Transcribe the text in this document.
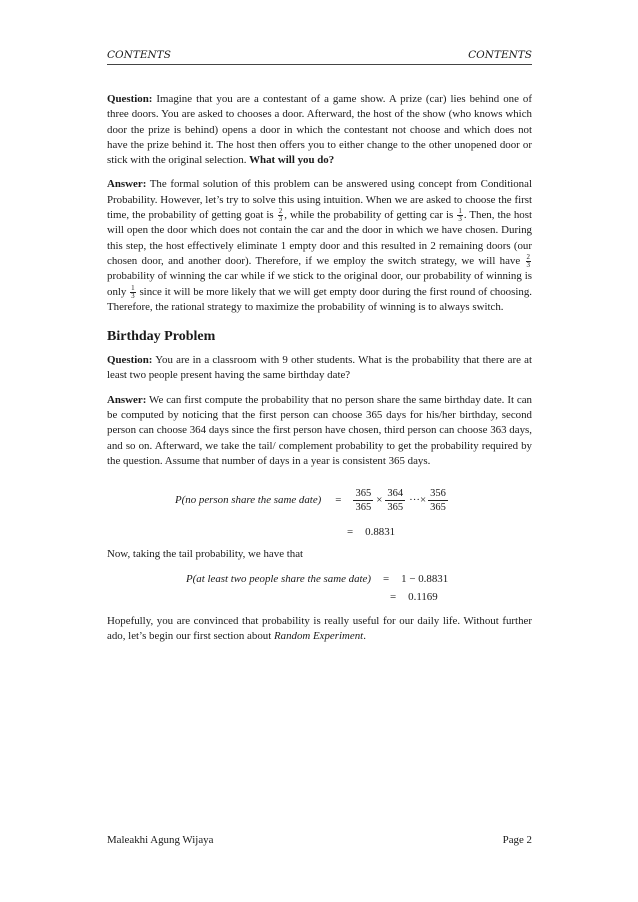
CONTENTS	CONTENTS

Question: Imagine that you are a contestant of a game show. A prize (car) lies behind one of three doors. You are asked to chooses a door. Afterward, the host of the show (who knows which door the prize is behind) opens a door in which the contestant not choose and which does not have the prize behind it. The host then offers you to either change to the other unopened door or stick with the original selection. What will you do?

Answer: The formal solution of this problem can be answered using concept from Conditional Probability. However, let’s try to solve this using intuition. When we are asked to choose the first time, the probability of getting goat is $\frac{2}{3}$ , while the probability of getting car is $\frac{1}{3}$ . Then, the host will open the door which does not contain the car and the door in which we have chosen. During this step, the host effectively eliminate 1 empty door and this resulted in 2 remaining doors (our chosen door, and another door). Therefore, if we employ the switch strategy, we will have $\frac{2}{3}$
probability of winning the car while if we stick to the original door, our probability of winning is only $\frac{1}{3}$ since it will be more likely that we will get empty door during the first round of choosing. Therefore, the rational strategy to maximize the probability of winning is to always switch.

Birthday Problem

Question: You are in a classroom with 9 other students. What is the probability that there are at least two people present having the same birthday date?

Answer: We can first compute the probability that no person share the same birthday date. It can be computed by noticing that the first person can choose 365 days for his/her birthday, second person can choose 364 days since the first person have chosen, third person can choose 363 days, and so on. Afterward, we take the tail/ complement probability to get the probability required by the question. Assume that number of days in a year is consistent 365 days.

P(no person share the same date) = $\frac{365}{365} \times \frac{364}{365}$ ···× $\frac{356}{365}$
= 0.8831

Now, taking the tail probability, we have that

P(at least two people share the same date) = 1 − 0.8831
= 0.1169

Hopefully, you are convinced that probability is really useful for our daily life. Without further ado, let’s begin our first section about Random Experiment.

Maleakhi Agung Wijaya	Page 2
